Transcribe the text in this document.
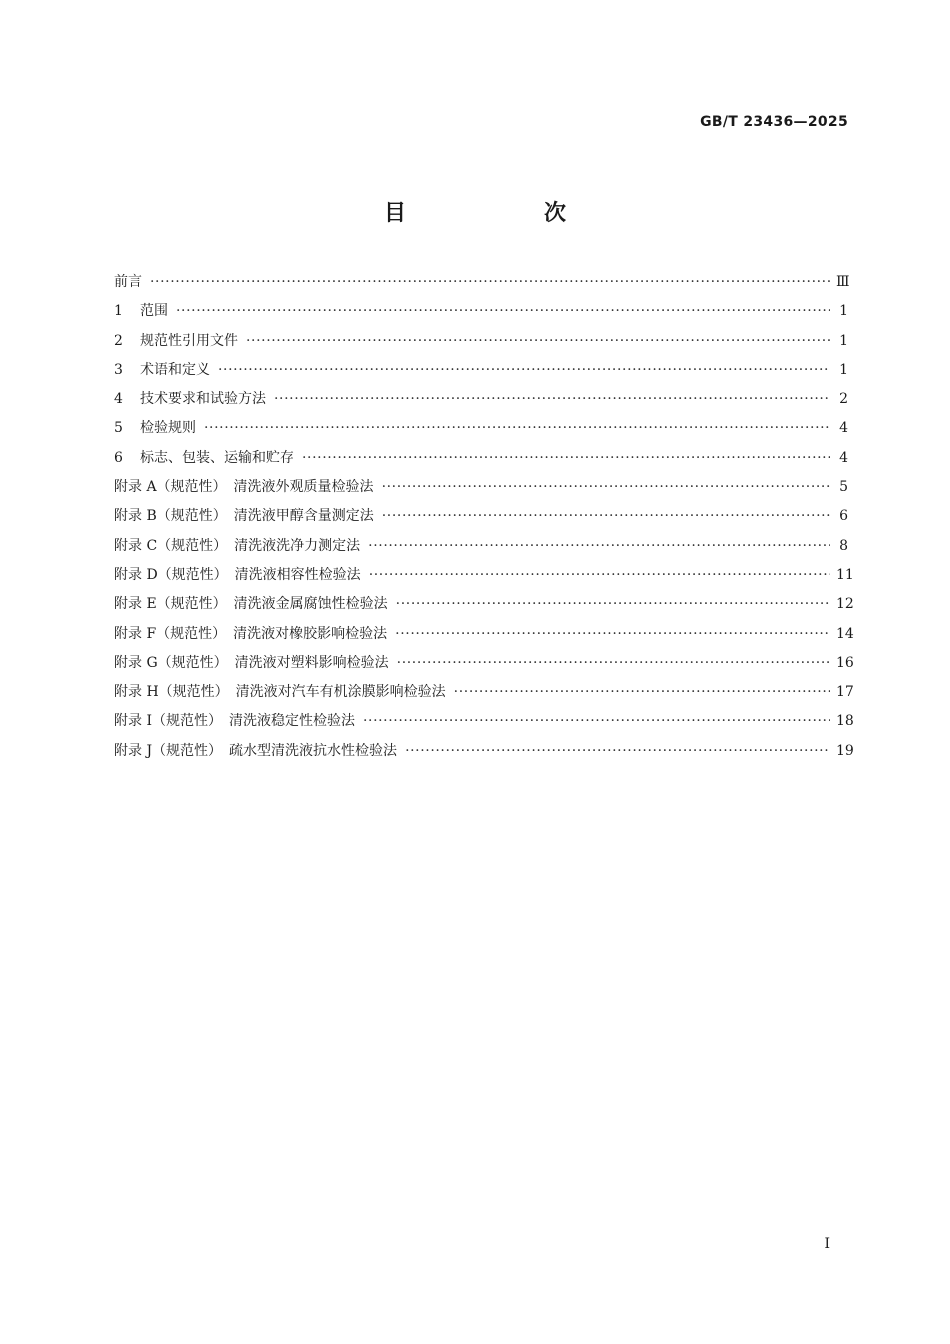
GB/T 23436—2025
目　次
前言 ·····	Ⅲ
1	范围 ·····	1
2	规范性引用文件 ·····	1
3	术语和定义 ·····	1
4	技术要求和试验方法 ·····	2
5	检验规则 ·····	4
6	标志、包装、运输和贮存 ·····	4
附录 A（规范性）　清洗液外观质量检验法 ·····	5
附录 B（规范性）　清洗液甲醇含量测定法 ·····	6
附录 C（规范性）　清洗液洗净力测定法 ·····	8
附录 D（规范性）　清洗液相容性检验法 ·····	11
附录 E（规范性）　清洗液金属腐蚀性检验法 ·····	12
附录 F（规范性）　清洗液对橡胶影响检验法 ·····	14
附录 G（规范性）　清洗液对塑料影响检验法 ·····	16
附录 H（规范性）　清洗液对汽车有机涂膜影响检验法 ·····	17
附录 I（规范性）　清洗液稳定性检验法 ·····	18
附录 J（规范性）　疏水型清洗液抗水性检验法 ·····	19
I
